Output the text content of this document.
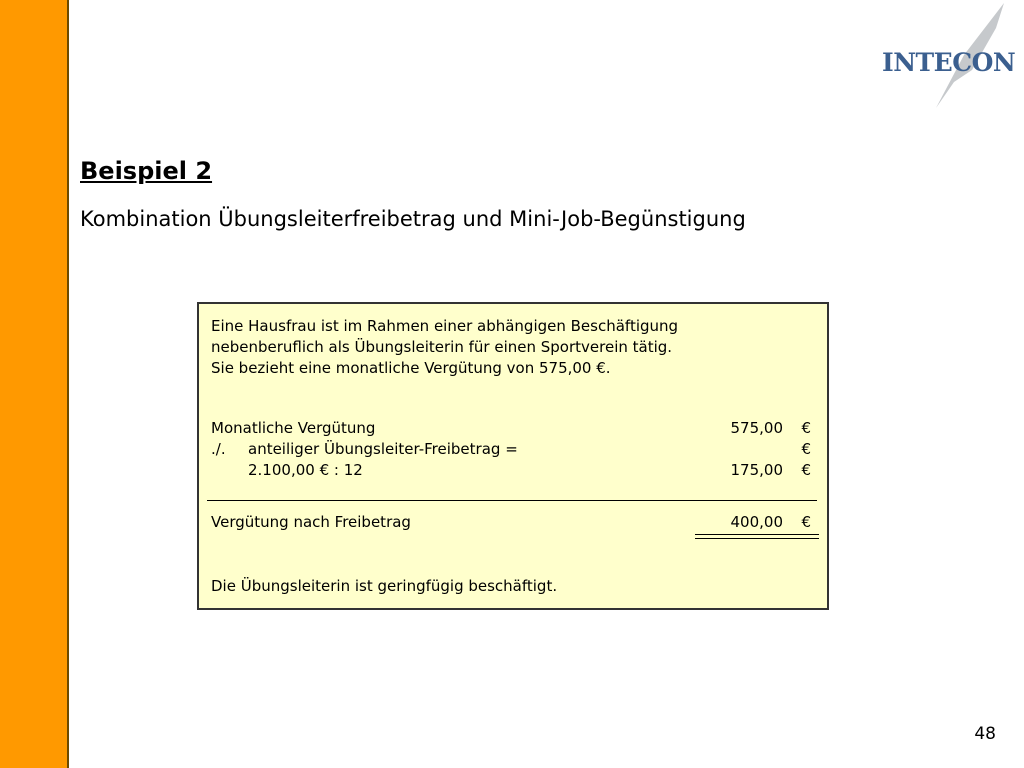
INTECON
Beispiel 2
Kombination Übungsleiterfreibetrag und Mini-Job-Begünstigung

Eine Hausfrau ist im Rahmen einer abhängigen Beschäftigung
nebenberuflich als Übungsleiterin für einen Sportverein tätig.
Sie bezieht eine monatliche Vergütung von 575,00 €.

Monatliche Vergütung	575,00 €
./. anteiliger Übungsleiter-Freibetrag =	€
2.100,00 € : 12	175,00 €
Vergütung nach Freibetrag	400,00 €

Die Übungsleiterin ist geringfügig beschäftigt.

48
